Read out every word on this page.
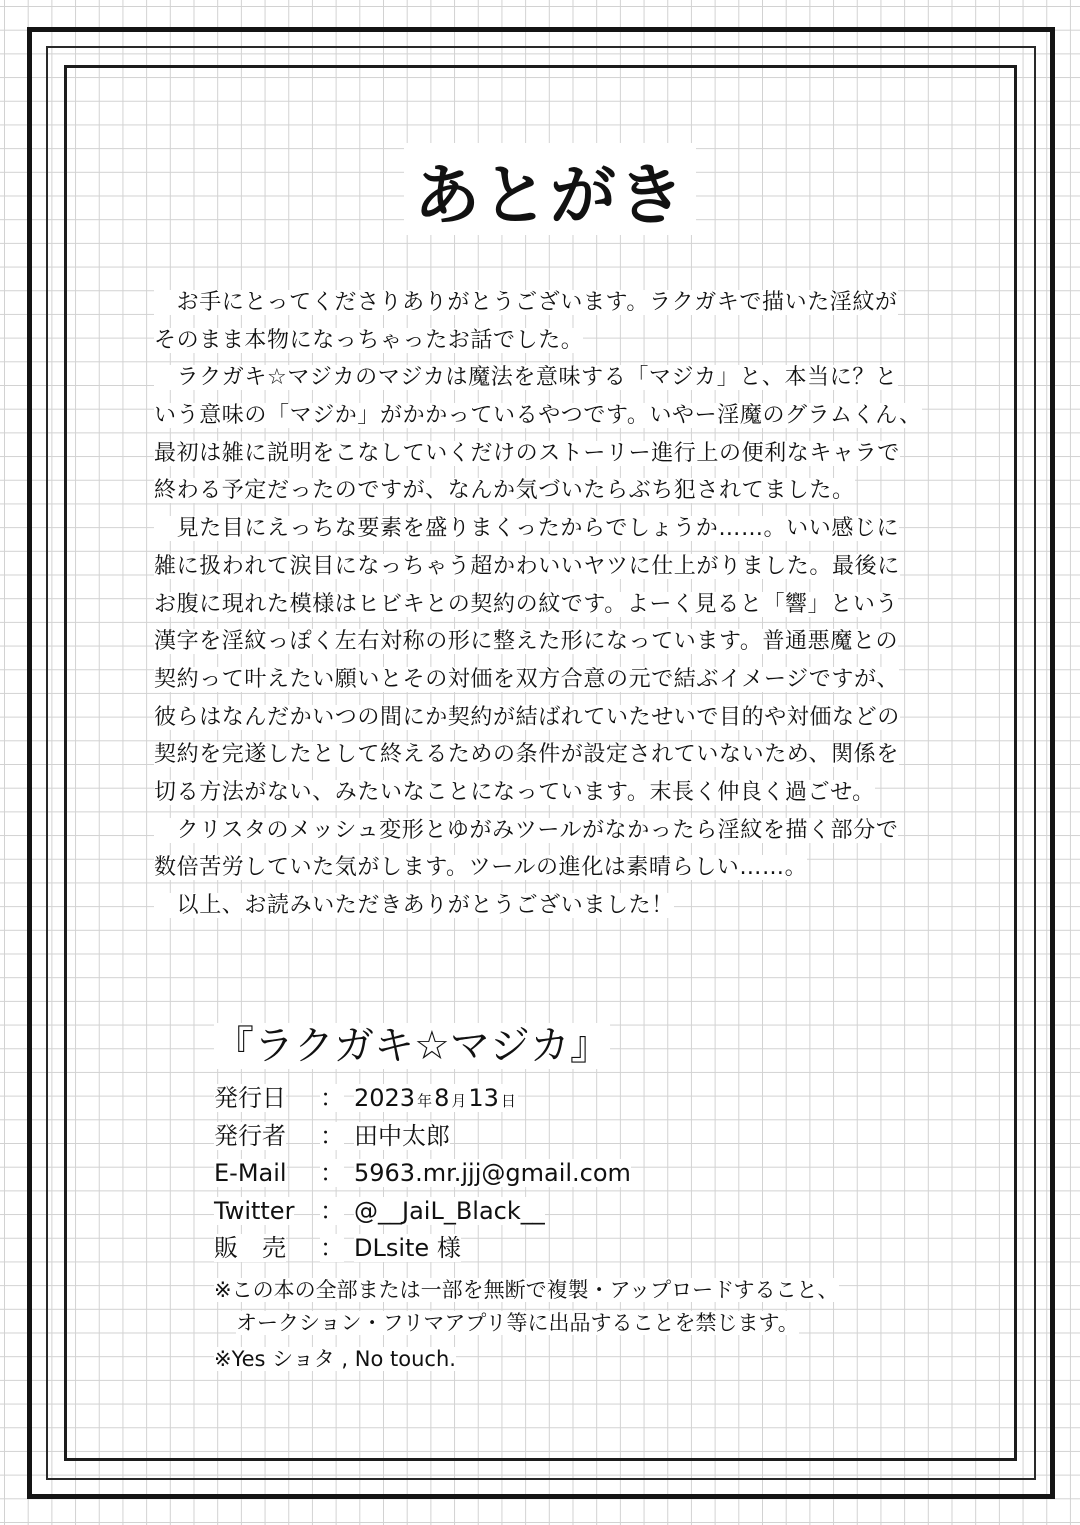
あとがき
　お手にとってくださりありがとうございます。ラクガキで描いた淫紋が
そのまま本物になっちゃったお話でした。
　ラクガキ☆マジカのマジカは魔法を意味する「マジカ」と、本当に？と
いう意味の「マジか」がかかっているやつです。いやー淫魔のグラムくん、
最初は雑に説明をこなしていくだけのストーリー進行上の便利なキャラで
終わる予定だったのですが、なんか気づいたらぶち犯されてました。
　見た目にえっちな要素を盛りまくったからでしょうか……。いい感じに
雑に扱われて涙目になっちゃう超かわいいヤツに仕上がりました。最後に
お腹に現れた模様はヒビキとの契約の紋です。よーく見ると「響」という
漢字を淫紋っぽく左右対称の形に整えた形になっています。普通悪魔との
契約って叶えたい願いとその対価を双方合意の元で結ぶイメージですが、
彼らはなんだかいつの間にか契約が結ばれていたせいで目的や対価などの
契約を完遂したとして終えるための条件が設定されていないため、関係を
切る方法がない、みたいなことになっています。末長く仲良く過ごせ。
　クリスタのメッシュ変形とゆがみツールがなかったら淫紋を描く部分で
数倍苦労していた気がします。ツールの進化は素晴らしい……。
　以上、お読みいただきありがとうございました！
『ラクガキ☆マジカ』
発行日	： 2023 年8 月13 日
発行者	： 田中太郎
E-Mail	： 5963.mr.jjj@gmail.com
Twitter	： @__JaiL_Black__
販　売	： DLsite 様
※この本の全部または一部を無断で複製・アップロードすること、
オークション・フリマアプリ等に出品することを禁じます。
※Yes ショタ , No touch.
